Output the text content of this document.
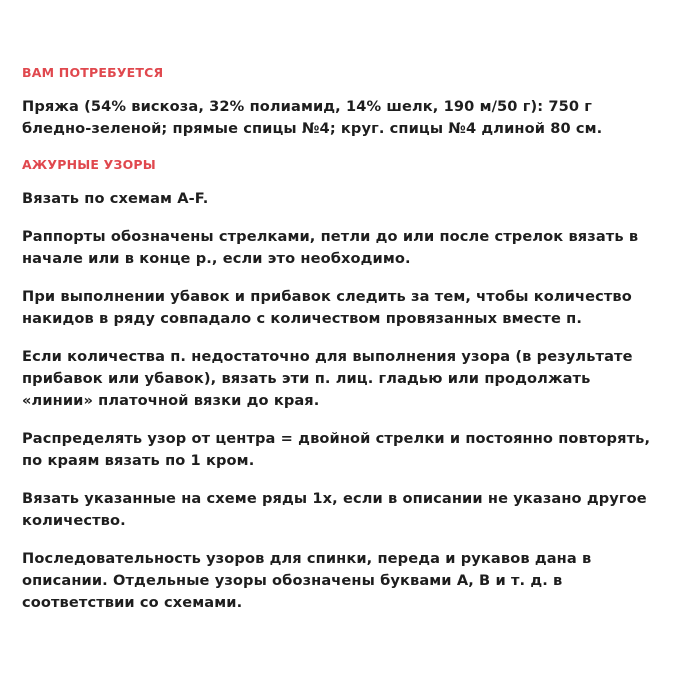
ВАМ ПОТРЕБУЕТСЯ

Пряжа (54% вискоза, 32% полиамид, 14% шелк, 190 м/50 г): 750 г бледно-зеленой; прямые спицы №4; круг. спицы №4 длиной 80 см.

АЖУРНЫЕ УЗОРЫ

Вязать по схемам A-F.

Раппорты обозначены стрелками, петли до или после стрелок вязать в начале или в конце р., если это необходимо.

При выполнении убавок и прибавок следить за тем, чтобы количество накидов в ряду совпадало с количеством провязанных вместе п.

Если количества п. недостаточно для выполнения узора (в результате прибавок или убавок), вязать эти п. лиц. гладью или продолжать «линии» платочной вязки до края.

Распределять узор от центра = двойной стрелки и постоянно повторять, по краям вязать по 1 кром.

Вязать указанные на схеме ряды 1х, если в описании не указано другое количество.

Последовательность узоров для спинки, переда и рукавов дана в описании. Отдельные узоры обозначены буквами А, В и т. д. в соответствии со схемами.
